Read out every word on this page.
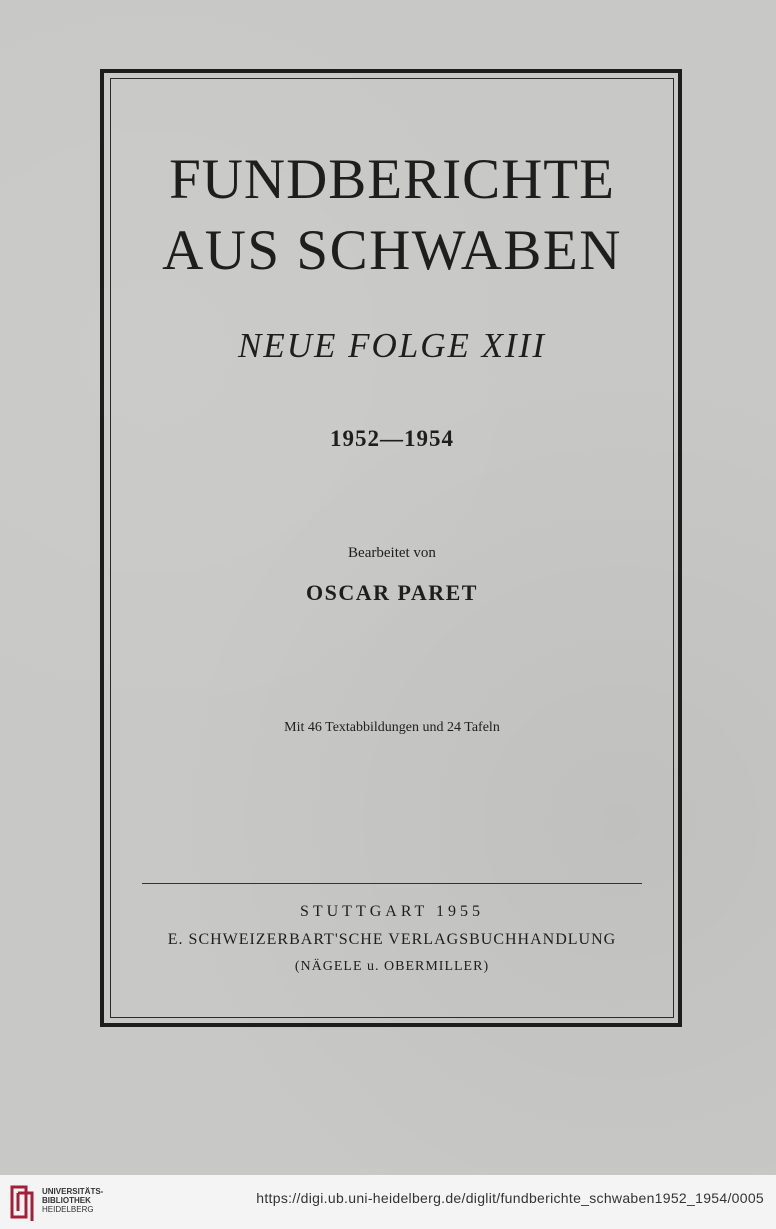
FUNDBERICHTE
AUS SCHWABEN
NEUE FOLGE XIII
1952—1954
Bearbeitet von
OSCAR PARET
Mit 46 Textabbildungen und 24 Tafeln
STUTTGART 1955
E. SCHWEIZERBART'SCHE VERLAGSBUCHHANDLUNG
(NÄGELE u. OBERMILLER)
UNIVERSITÄTS-
BIBLIOTHEK
HEIDELBERG
https://digi.ub.uni-heidelberg.de/diglit/fundberichte_schwaben1952_1954/0005
